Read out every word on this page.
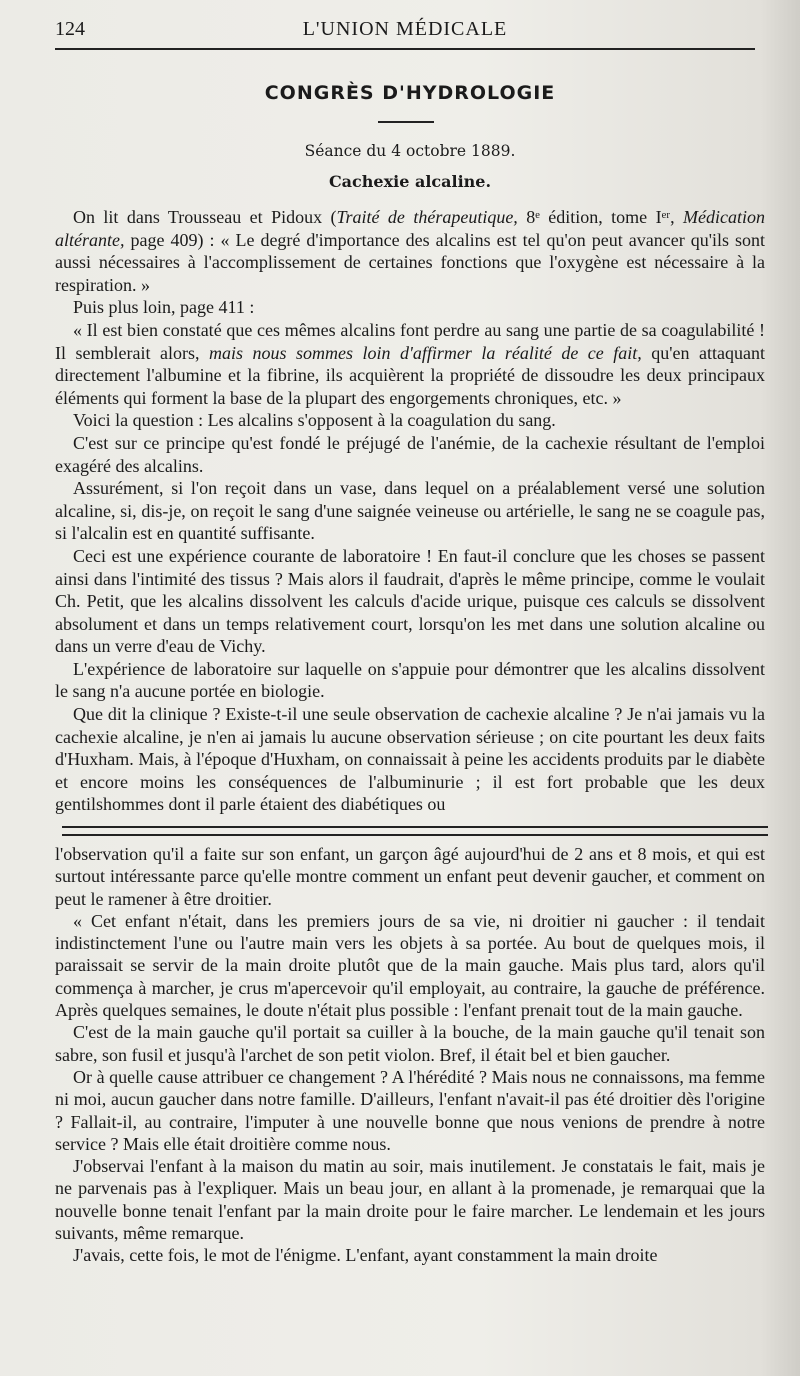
124	L'UNION MÉDICALE
CONGRÈS D'HYDROLOGIE
Séance du 4 octobre 1889.
Cachexie alcaline.

On lit dans Trousseau et Pidoux (Traité de thérapeutique, 8ᵉ édition, tome Iᵉʳ, Médication altérante, page 409) : « Le degré d'importance des alcalins est tel qu'on peut avancer qu'ils sont aussi nécessaires à l'accomplissement de certaines fonctions que l'oxygène est nécessaire à la respiration. »

Puis plus loin, page 411 :

« Il est bien constaté que ces mêmes alcalins font perdre au sang une partie de sa coagulabilité ! Il semblerait alors, mais nous sommes loin d'affirmer la réalité de ce fait, qu'en attaquant directement l'albumine et la fibrine, ils acquièrent la propriété de dissoudre les deux principaux éléments qui forment la base de la plupart des engorgements chroniques, etc. »

Voici la question : Les alcalins s'opposent à la coagulation du sang.

C'est sur ce principe qu'est fondé le préjugé de l'anémie, de la cachexie résultant de l'emploi exagéré des alcalins.

Assurément, si l'on reçoit dans un vase, dans lequel on a préalablement versé une solution alcaline, si, dis-je, on reçoit le sang d'une saignée veineuse ou artérielle, le sang ne se coagule pas, si l'alcalin est en quantité suffisante.

Ceci est une expérience courante de laboratoire ! En faut-il conclure que les choses se passent ainsi dans l'intimité des tissus ? Mais alors il faudrait, d'après le même principe, comme le voulait Ch. Petit, que les alcalins dissolvent les calculs d'acide urique, puisque ces calculs se dissolvent absolument et dans un temps relativement court, lorsqu'on les met dans une solution alcaline ou dans un verre d'eau de Vichy.

L'expérience de laboratoire sur laquelle on s'appuie pour démontrer que les alcalins dissolvent le sang n'a aucune portée en biologie.

Que dit la clinique ? Existe-t-il une seule observation de cachexie alcaline ? Je n'ai jamais vu la cachexie alcaline, je n'en ai jamais lu aucune observation sérieuse ; on cite pourtant les deux faits d'Huxham. Mais, à l'époque d'Huxham, on connaissait à peine les accidents produits par le diabète et encore moins les conséquences de l'albuminurie ; il est fort probable que les deux gentilshommes dont il parle étaient des diabétiques ou

l'observation qu'il a faite sur son enfant, un garçon âgé aujourd'hui de 2 ans et 8 mois, et qui est surtout intéressante parce qu'elle montre comment un enfant peut devenir gaucher, et comment on peut le ramener à être droitier.

« Cet enfant n'était, dans les premiers jours de sa vie, ni droitier ni gaucher : il tendait indistinctement l'une ou l'autre main vers les objets à sa portée. Au bout de quelques mois, il paraissait se servir de la main droite plutôt que de la main gauche. Mais plus tard, alors qu'il commença à marcher, je crus m'apercevoir qu'il employait, au contraire, la gauche de préférence. Après quelques semaines, le doute n'était plus possible : l'enfant prenait tout de la main gauche.

C'est de la main gauche qu'il portait sa cuiller à la bouche, de la main gauche qu'il tenait son sabre, son fusil et jusqu'à l'archet de son petit violon. Bref, il était bel et bien gaucher.

Or à quelle cause attribuer ce changement ? A l'hérédité ? Mais nous ne connaissons, ma femme ni moi, aucun gaucher dans notre famille. D'ailleurs, l'enfant n'avait-il pas été droitier dès l'origine ? Fallait-il, au contraire, l'imputer à une nouvelle bonne que nous venions de prendre à notre service ? Mais elle était droitière comme nous.

J'observai l'enfant à la maison du matin au soir, mais inutilement. Je constatais le fait, mais je ne parvenais pas à l'expliquer. Mais un beau jour, en allant à la promenade, je remarquai que la nouvelle bonne tenait l'enfant par la main droite pour le faire marcher. Le lendemain et les jours suivants, même remarque.

J'avais, cette fois, le mot de l'énigme. L'enfant, ayant constamment la main droite
